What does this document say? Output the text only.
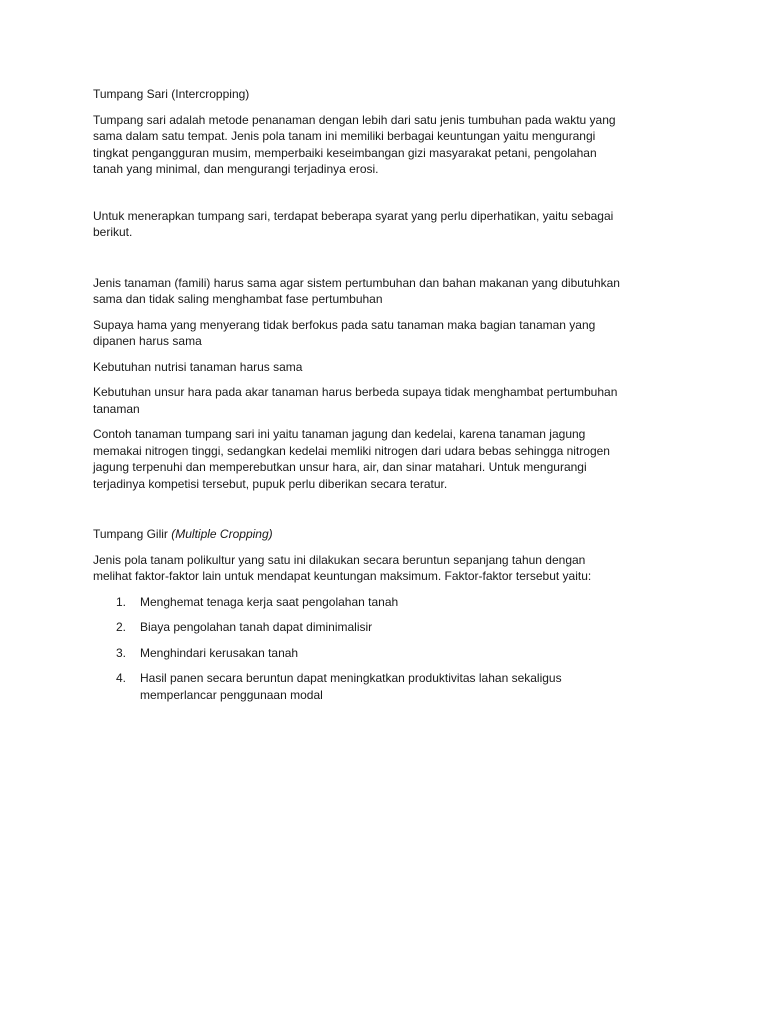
Tumpang Sari (Intercropping)

Tumpang sari adalah metode penanaman dengan lebih dari satu jenis tumbuhan pada waktu yang sama dalam satu tempat. Jenis pola tanam ini memiliki berbagai keuntungan yaitu mengurangi tingkat pengangguran musim, memperbaiki keseimbangan gizi masyarakat petani, pengolahan tanah yang minimal, dan mengurangi terjadinya erosi.

Untuk menerapkan tumpang sari, terdapat beberapa syarat yang perlu diperhatikan, yaitu sebagai berikut.

Jenis tanaman (famili) harus sama agar sistem pertumbuhan dan bahan makanan yang dibutuhkan sama dan tidak saling menghambat fase pertumbuhan

Supaya hama yang menyerang tidak berfokus pada satu tanaman maka bagian tanaman yang dipanen harus sama

Kebutuhan nutrisi tanaman harus sama

Kebutuhan unsur hara pada akar tanaman harus berbeda supaya tidak menghambat pertumbuhan tanaman

Contoh tanaman tumpang sari ini yaitu tanaman jagung dan kedelai, karena tanaman jagung memakai nitrogen tinggi, sedangkan kedelai memliki nitrogen dari udara bebas sehingga nitrogen jagung terpenuhi dan memperebutkan unsur hara, air, dan sinar matahari. Untuk mengurangi terjadinya kompetisi tersebut, pupuk perlu diberikan secara teratur.

Tumpang Gilir (Multiple Cropping)

Jenis pola tanam polikultur yang satu ini dilakukan secara beruntun sepanjang tahun dengan melihat faktor-faktor lain untuk mendapat keuntungan maksimum. Faktor-faktor tersebut yaitu:

1. Menghemat tenaga kerja saat pengolahan tanah
2. Biaya pengolahan tanah dapat diminimalisir
3. Menghindari kerusakan tanah
4. Hasil panen secara beruntun dapat meningkatkan produktivitas lahan sekaligus memperlancar penggunaan modal
